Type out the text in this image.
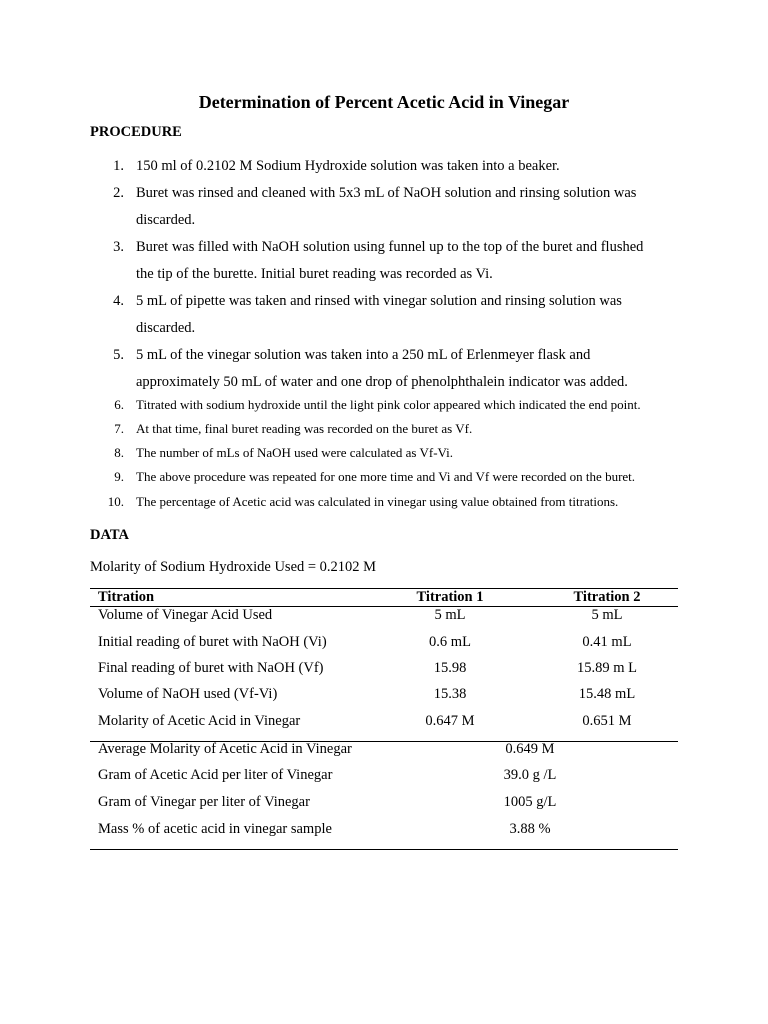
Determination of Percent Acetic Acid in Vinegar
PROCEDURE
1. 150 ml of 0.2102 M Sodium Hydroxide solution was taken into a beaker.
2. Buret was rinsed and cleaned with 5x3 mL of NaOH solution and rinsing solution was
discarded.
3. Buret was filled with NaOH solution using funnel up to the top of the buret and flushed
the tip of the burette. Initial buret reading was recorded as Vi.
4. 5 mL of pipette was taken and rinsed with vinegar solution and rinsing solution was
discarded.
5. 5 mL of the vinegar solution was taken into a 250 mL of Erlenmeyer flask and
approximately 50 mL of water and one drop of phenolphthalein indicator was added.
6. Titrated with sodium hydroxide until the light pink color appeared which indicated the end point.
7. At that time, final buret reading was recorded on the buret as Vf.
8. The number of mLs of NaOH used were calculated as Vf-Vi.
9. The above procedure was repeated for one more time and Vi and Vf were recorded on the buret.
10. The percentage of Acetic acid was calculated in vinegar using value obtained from titrations.
DATA

Molarity of Sodium Hydroxide Used = 0.2102 M

Titration	Titration 1	Titration 2
Volume of Vinegar Acid Used	5 mL	5 mL
Initial reading of buret with NaOH (Vi)	0.6 mL	0.41 mL
Final reading of buret with NaOH (Vf)	15.98	15.89 m L
Volume of NaOH used (Vf-Vi)	15.38	15.48 mL
Molarity of Acetic Acid in Vinegar	0.647 M	0.651 M
Average Molarity of Acetic Acid in Vinegar	0.649 M
Gram of Acetic Acid per liter of Vinegar	39.0 g /L
Gram of Vinegar per liter of Vinegar	1005 g/L
Mass % of acetic acid in vinegar sample	3.88 %
